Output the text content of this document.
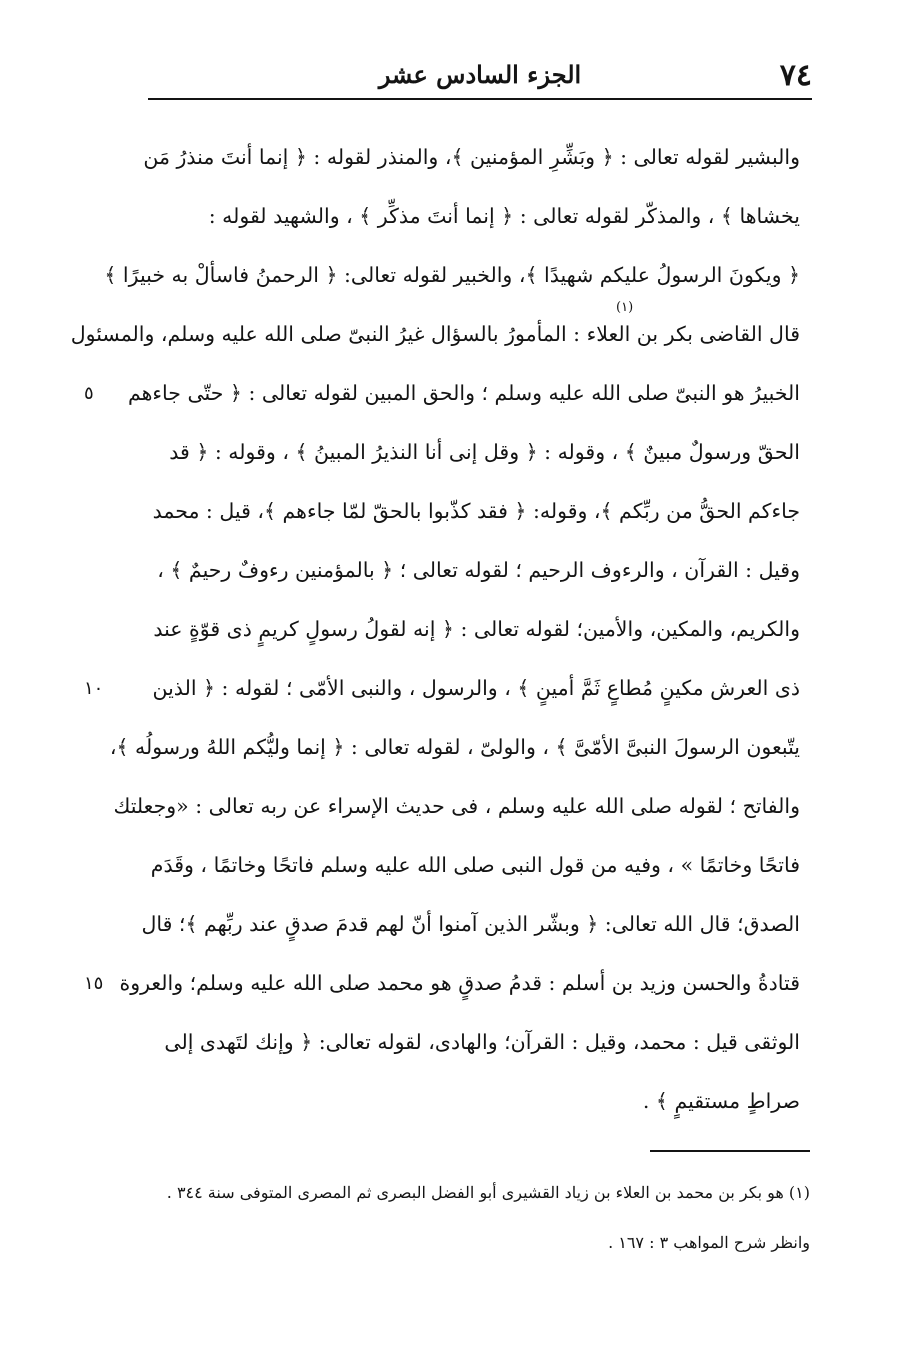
٧٤
الجزء السادس عشر
(١)
والبشير لقوله تعالى : ﴿ وبَشِّرِ المؤمنين ﴾، والمنذر لقوله : ﴿ إنما أنتَ منذرُ مَن
يخشاها ﴾ ، والمذكّر لقوله تعالى : ﴿ إنما أنتَ مذكِّر ﴾ ، والشهيد لقوله :
﴿ ويكونَ الرسولُ عليكم شهيدًا ﴾، والخبير لقوله تعالى: ﴿ الرحمنُ فاسألْ به خبيرًا ﴾
قال القاضى بكر بن العلاء : المأمورُ بالسؤال غيرُ النبىّ صلى الله عليه وسلم، والمسئول
الخبيرُ هو النبىّ صلى الله عليه وسلم ؛ والحق المبين لقوله تعالى : ﴿ حتّى جاءهم
الحقّ ورسولٌ مبينٌ ﴾ ، وقوله : ﴿ وقل إنى أنا النذيرُ المبينُ ﴾ ، وقوله : ﴿ قد
جاءكم الحقُّ من ربِّكم ﴾، وقوله: ﴿ فقد كذّبوا بالحقّ لمّا جاءهم ﴾، قيل : محمد
وقيل : القرآن ، والرءوف الرحيم ؛ لقوله تعالى ؛ ﴿ بالمؤمنين رءوفٌ رحيمٌ ﴾ ،
والكريم، والمكين، والأمين؛ لقوله تعالى : ﴿ إنه لقولُ رسولٍ كريمٍ ذى قوّةٍ عند
ذى العرش مكينٍ مُطاعٍ ثَمَّ أمينٍ ﴾ ، والرسول ، والنبى الأمّى ؛ لقوله : ﴿ الذين
يتّبعون الرسولَ النبىَّ الأمّىَّ ﴾ ، والولىّ ، لقوله تعالى : ﴿ إنما وليُّكم اللهُ ورسولُه ﴾،
والفاتح ؛ لقوله صلى الله عليه وسلم ، فى حديث الإسراء عن ربه تعالى : «وجعلتك
فاتحًا وخاتمًا » ، وفيه من قول النبى صلى الله عليه وسلم فاتحًا وخاتمًا ، وقَدَم
الصدق؛ قال الله تعالى: ﴿ وبشّر الذين آمنوا أنّ لهم قدمَ صدقٍ عند ربِّهم ﴾؛ قال
قتادةُ والحسن وزيد بن أسلم : قدمُ صدقٍ هو محمد صلى الله عليه وسلم؛ والعروة
الوثقى قيل : محمد، وقيل : القرآن؛ والهادى، لقوله تعالى: ﴿ وإنك لتَهدى إلى
صراطٍ مستقيمٍ ﴾ .
٥
١٠
١٥
(١) هو بكر بن محمد بن العلاء بن زياد القشيرى أبو الفضل البصرى ثم المصرى المتوفى سنة ٣٤٤ .
وانظر شرح المواهب ٣ : ١٦٧ .
